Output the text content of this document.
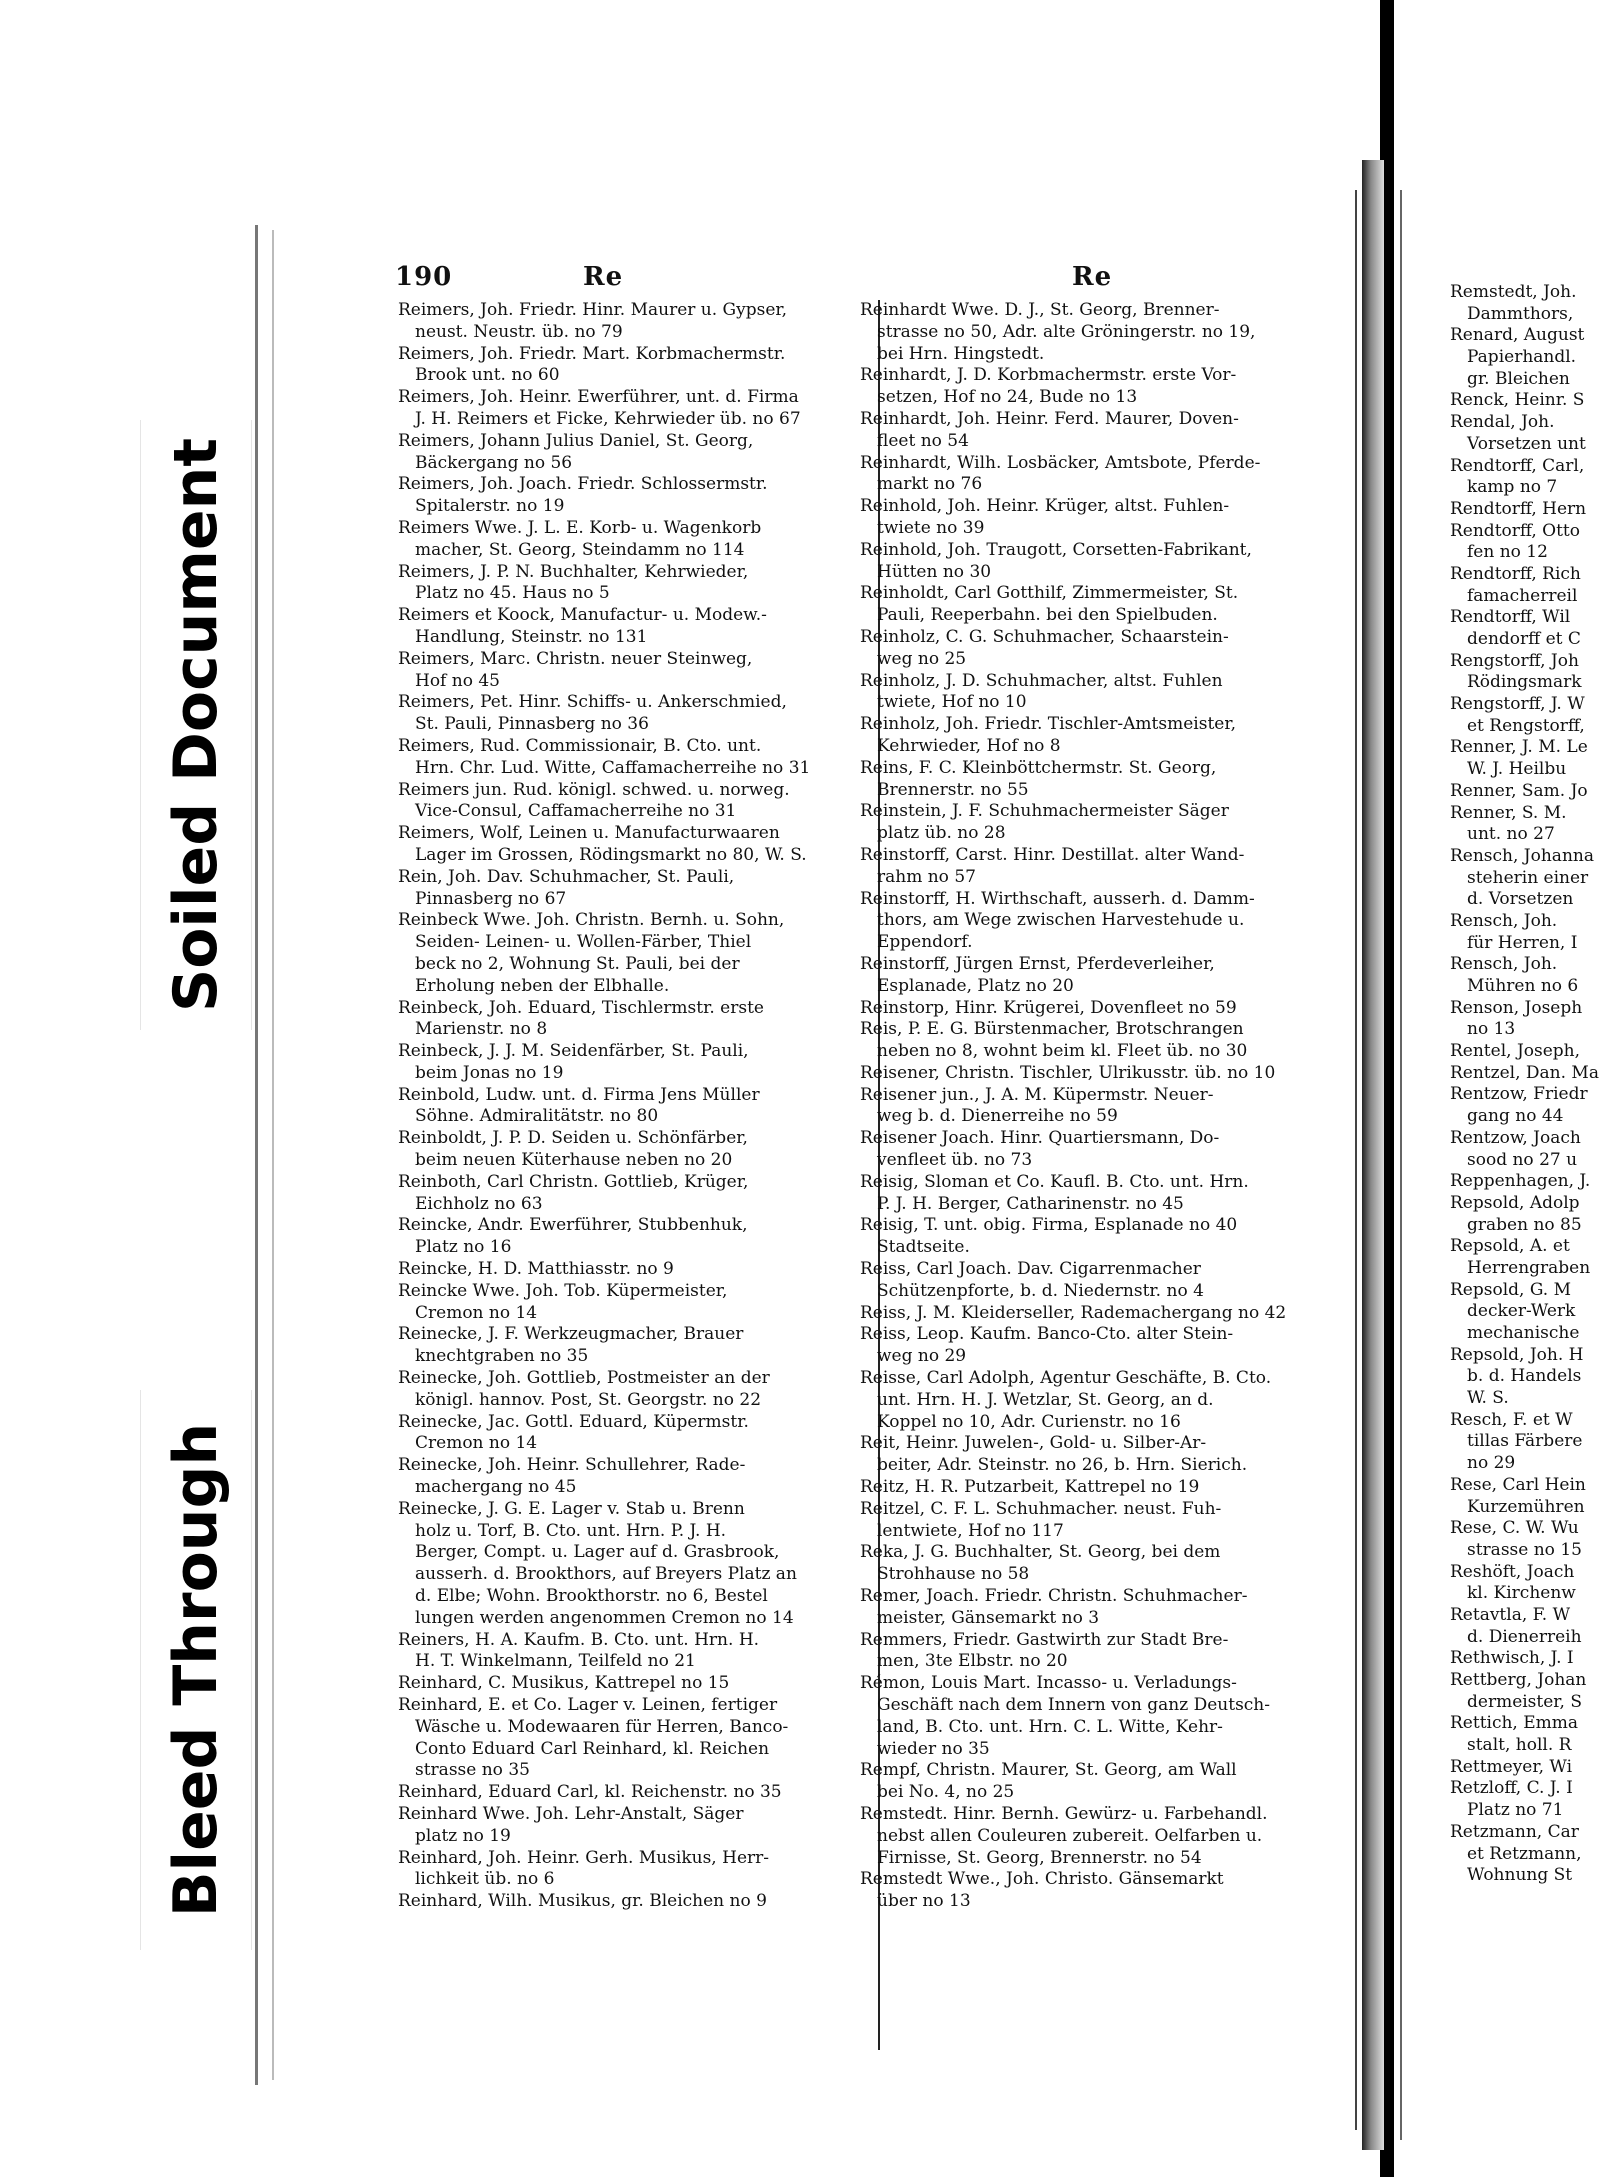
Soiled Document
Bleed Through
190	Re	Re
Reimers, Joh. Friedr. Hinr. Maurer u. Gypser,
 neust. Neustr. üb. no 79
Reimers, Joh. Friedr. Mart. Korbmachermstr.
 Brook unt. no 60
Reimers, Joh. Heinr. Ewerführer, unt. d. Firma
 J. H. Reimers et Ficke, Kehrwieder üb. no 67
Reimers, Johann Julius Daniel, St. Georg,
 Bäckergang no 56
Reimers, Joh. Joach. Friedr. Schlossermstr.
 Spitalerstr. no 19
Reimers Wwe. J. L. E. Korb- u. Wagenkorb
 macher, St. Georg, Steindamm no 114
Reimers, J. P. N. Buchhalter, Kehrwieder,
 Platz no 45. Haus no 5
Reimers et Koock, Manufactur- u. Modew.-
 Handlung, Steinstr. no 131
Reimers, Marc. Christn. neuer Steinweg,
 Hof no 45
Reimers, Pet. Hinr. Schiffs- u. Ankerschmied,
 St. Pauli, Pinnasberg no 36
Reimers, Rud. Commissionair, B. Cto. unt.
 Hrn. Chr. Lud. Witte, Caffamacherreihe no 31
Reimers jun. Rud. königl. schwed. u. norweg.
 Vice-Consul, Caffamacherreihe no 31
Reimers, Wolf, Leinen u. Manufacturwaaren
 Lager im Grossen, Rödingsmarkt no 80, W. S.
Rein, Joh. Dav. Schuhmacher, St. Pauli,
 Pinnasberg no 67
Reinbeck Wwe. Joh. Christn. Bernh. u. Sohn,
 Seiden- Leinen- u. Wollen-Färber, Thiel
 beck no 2, Wohnung St. Pauli, bei der
 Erholung neben der Elbhalle.
Reinbeck, Joh. Eduard, Tischlermstr. erste
 Marienstr. no 8
Reinbeck, J. J. M. Seidenfärber, St. Pauli,
 beim Jonas no 19
Reinbold, Ludw. unt. d. Firma Jens Müller
 Söhne. Admiralitätstr. no 80
Reinboldt, J. P. D. Seiden u. Schönfärber,
 beim neuen Küterhause neben no 20
Reinboth, Carl Christn. Gottlieb, Krüger,
 Eichholz no 63
Reincke, Andr. Ewerführer, Stubbenhuk,
 Platz no 16
Reincke, H. D. Matthiasstr. no 9
Reincke Wwe. Joh. Tob. Küpermeister,
 Cremon no 14
Reinecke, J. F. Werkzeugmacher, Brauer
 knechtgraben no 35
Reinecke, Joh. Gottlieb, Postmeister an der
 königl. hannov. Post, St. Georgstr. no 22
Reinecke, Jac. Gottl. Eduard, Küpermstr.
 Cremon no 14
Reinecke, Joh. Heinr. Schullehrer, Rade-
 machergang no 45
Reinecke, J. G. E. Lager v. Stab u. Brenn
 holz u. Torf, B. Cto. unt. Hrn. P. J. H.
 Berger, Compt. u. Lager auf d. Grasbrook,
 ausserh. d. Brookthors, auf Breyers Platz an
 d. Elbe; Wohn. Brookthorstr. no 6, Bestel
 lungen werden angenommen Cremon no 14
Reiners, H. A. Kaufm. B. Cto. unt. Hrn. H.
 H. T. Winkelmann, Teilfeld no 21
Reinhard, C. Musikus, Kattrepel no 15
Reinhard, E. et Co. Lager v. Leinen, fertiger
 Wäsche u. Modewaaren für Herren, Banco-
 Conto Eduard Carl Reinhard, kl. Reichen
 strasse no 35
Reinhard, Eduard Carl, kl. Reichenstr. no 35
Reinhard Wwe. Joh. Lehr-Anstalt, Säger
 platz no 19
Reinhard, Joh. Heinr. Gerh. Musikus, Herr-
 lichkeit üb. no 6
Reinhard, Wilh. Musikus, gr. Bleichen no 9
Reinhardt Wwe. D. J., St. Georg, Brenner-
 strasse no 50, Adr. alte Gröningerstr. no 19,
 bei Hrn. Hingstedt.
Reinhardt, J. D. Korbmachermstr. erste Vor-
 setzen, Hof no 24, Bude no 13
Reinhardt, Joh. Heinr. Ferd. Maurer, Doven-
 fleet no 54
Reinhardt, Wilh. Losbäcker, Amtsbote, Pferde-
 markt no 76
Reinhold, Joh. Heinr. Krüger, altst. Fuhlen-
 twiete no 39
Reinhold, Joh. Traugott, Corsetten-Fabrikant,
 Hütten no 30
Reinholdt, Carl Gotthilf, Zimmermeister, St.
 Pauli, Reeperbahn. bei den Spielbuden.
Reinholz, C. G. Schuhmacher, Schaarstein-
 weg no 25
Reinholz, J. D. Schuhmacher, altst. Fuhlen
 twiete, Hof no 10
Reinholz, Joh. Friedr. Tischler-Amtsmeister,
 Kehrwieder, Hof no 8
Reins, F. C. Kleinböttchermstr. St. Georg,
 Brennerstr. no 55
Reinstein, J. F. Schuhmachermeister Säger
 platz üb. no 28
Reinstorff, Carst. Hinr. Destillat. alter Wand-
 rahm no 57
Reinstorff, H. Wirthschaft, ausserh. d. Damm-
 thors, am Wege zwischen Harvestehude u.
 Eppendorf.
Reinstorff, Jürgen Ernst, Pferdeverleiher,
 Esplanade, Platz no 20
Reinstorp, Hinr. Krügerei, Dovenfleet no 59
Reis, P. E. G. Bürstenmacher, Brotschrangen
 neben no 8, wohnt beim kl. Fleet üb. no 30
Reisener, Christn. Tischler, Ulrikusstr. üb. no 10
Reisener jun., J. A. M. Küpermstr. Neuer-
 weg b. d. Dienerreihe no 59
Reisener Joach. Hinr. Quartiersmann, Do-
 venfleet üb. no 73
Reisig, Sloman et Co. Kaufl. B. Cto. unt. Hrn.
 P. J. H. Berger, Catharinenstr. no 45
Reisig, T. unt. obig. Firma, Esplanade no 40
 Stadtseite.
Reiss, Carl Joach. Dav. Cigarrenmacher
 Schützenpforte, b. d. Niedernstr. no 4
Reiss, J. M. Kleiderseller, Rademachergang no 42
Reiss, Leop. Kaufm. Banco-Cto. alter Stein-
 weg no 29
Reisse, Carl Adolph, Agentur Geschäfte, B. Cto.
 unt. Hrn. H. J. Wetzlar, St. Georg, an d.
 Koppel no 10, Adr. Curienstr. no 16
Reit, Heinr. Juwelen-, Gold- u. Silber-Ar-
 beiter, Adr. Steinstr. no 26, b. Hrn. Sierich.
Reitz, H. R. Putzarbeit, Kattrepel no 19
Reitzel, C. F. L. Schuhmacher. neust. Fuh-
 lentwiete, Hof no 117
Reka, J. G. Buchhalter, St. Georg, bei dem
 Strohhause no 58
Remer, Joach. Friedr. Christn. Schuhmacher-
 meister, Gänsemarkt no 3
Remmers, Friedr. Gastwirth zur Stadt Bre-
 men, 3te Elbstr. no 20
Rémon, Louis Mart. Incasso- u. Verladungs-
 Geschäft nach dem Innern von ganz Deutsch-
 land, B. Cto. unt. Hrn. C. L. Witte, Kehr-
 wieder no 35
Rempf, Christn. Maurer, St. Georg, am Wall
 bei No. 4, no 25
Remstedt. Hinr. Bernh. Gewürz- u. Farbehandl.
 nebst allen Couleuren zubereit. Oelfarben u.
 Firnisse, St. Georg, Brennerstr. no 54
Remstedt Wwe., Joh. Christo. Gänsemarkt
 über no 13
Remstedt, Joh.
 Dammthors,
Renard, August
 Papierhandl.
 gr. Bleichen
Renck, Heinr. S
Rendal, Joh.
 Vorsetzen unt
Rendtorff, Carl,
 kamp no 7
Rendtorff, Hern
Rendtorff, Otto
 fen no 12
Rendtorff, Rich
 famacherreil
Rendtorff, Wil
 dendorff et C
Rengstorff, Joh
 Rödingsmark
Rengstorff, J. W
 et Rengstorff,
Renner, J. M. Le
 W. J. Heilbu
Renner, Sam. Jo
Renner, S. M.
 unt. no 27
Rensch, Johanna
 steherin einer
 d. Vorsetzen
Rensch, Joh.
 für Herren, I
Rensch, Joh.
 Mühren no 6
Renson, Joseph
 no 13
Rentel, Joseph,
Rentzel, Dan. Ma
Rentzow, Friedr
 gang no 44
Rentzow, Joach
 sood no 27 u
Reppenhagen, J.
Repsold, Adolp
 graben no 85
Repsold, A. et
 Herrengraben
Repsold, G. M
 decker-Werk
 mechanische
Repsold, Joh. H
 b. d. Handels
 W. S.
Resch, F. et W
 tillas Färbere
 no 29
Rese, Carl Hein
 Kurzemühren
Rese, C. W. Wu
 strasse no 15
Reshöft, Joach
 kl. Kirchenw
Retavtla, F. W
 d. Dienerreih
Rethwisch, J. I
Rettberg, Johan
 dermeister, S
Rettich, Emma
 stalt, holl. R
Rettmeyer, Wi
Retzloff, C. J. I
 Platz no 71
Retzmann, Car
 et Retzmann,
 Wohnung St
